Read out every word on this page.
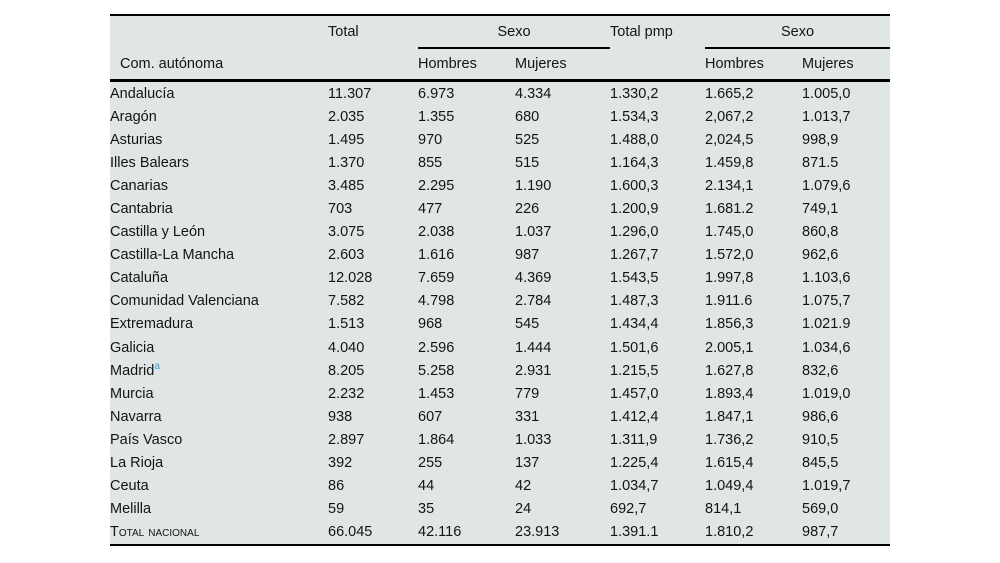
	Total	Sexo		Total pmp	Sexo	
Com. autónoma		Hombres	Mujeres		Hombres	Mujeres
Andalucía	11.307	6.973	4.334	1.330,2	1.665,2	1.005,0
Aragón	2.035	1.355	680	1.534,3	2,067,2	1.013,7
Asturias	1.495	970	525	1.488,0	2,024,5	998,9
Illes Balears	1.370	855	515	1.164,3	1.459,8	871.5
Canarias	3.485	2.295	1.190	1.600,3	2.134,1	1.079,6
Cantabria	703	477	226	1.200,9	1.681.2	749,1
Castilla y León	3.075	2.038	1.037	1.296,0	1.745,0	860,8
Castilla-La Mancha	2.603	1.616	987	1.267,7	1.572,0	962,6
Cataluña	12.028	7.659	4.369	1.543,5	1.997,8	1.103,6
Comunidad Valenciana	7.582	4.798	2.784	1.487,3	1.911.6	1.075,7
Extremadura	1.513	968	545	1.434,4	1.856,3	1.021.9
Galicia	4.040	2.596	1.444	1.501,6	2.005,1	1.034,6
Madrid$^a$	8.205	5.258	2.931	1.215,5	1.627,8	832,6
Murcia	2.232	1.453	779	1.457,0	1.893,4	1.019,0
Navarra	938	607	331	1.412,4	1.847,1	986,6
País Vasco	2.897	1.864	1.033	1.311,9	1.736,2	910,5
La Rioja	392	255	137	1.225,4	1.615,4	845,5
Ceuta	86	44	42	1.034,7	1.049,4	1.019,7
Melilla	59	35	24	692,7	814,1	569,0
Total nacional	66.045	42.116	23.913	1.391.1	1.810,2	987,7
